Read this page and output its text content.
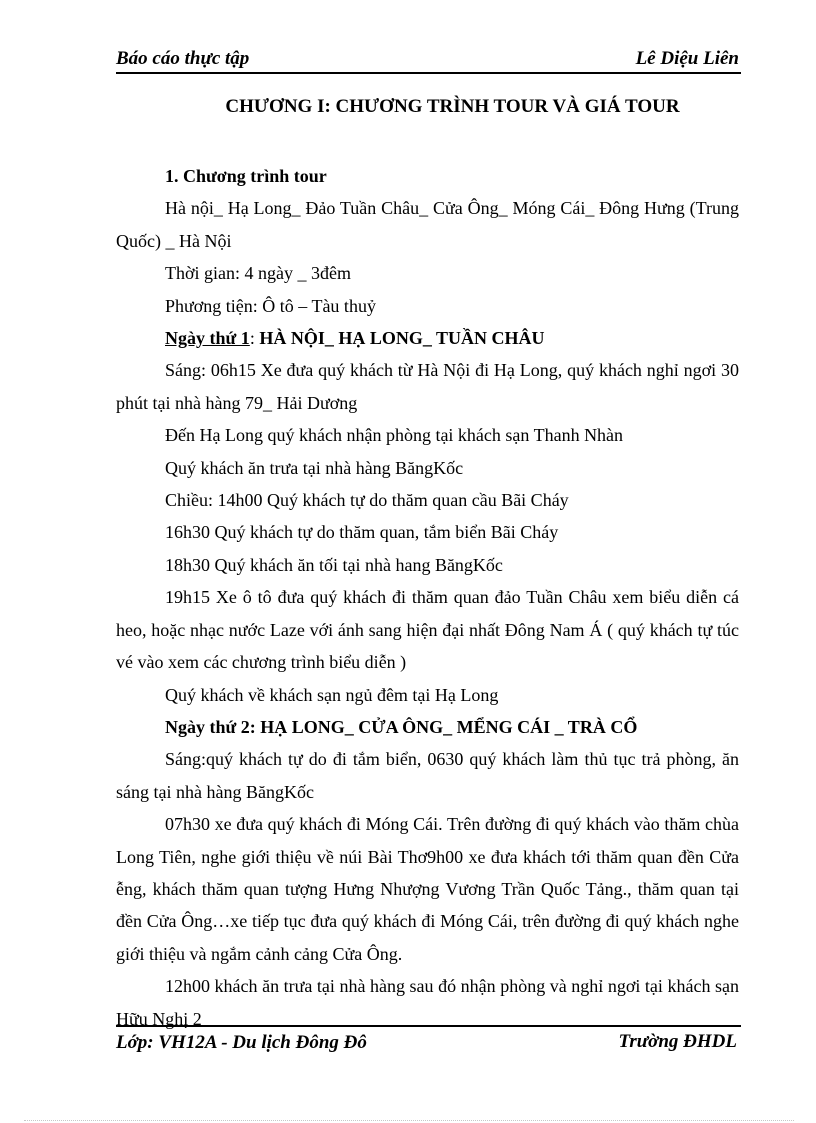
Báo cáo thực tập	Lê Diệu Liên
CHƯƠNG I: CHƯƠNG TRÌNH TOUR VÀ GIÁ TOUR

1. Chương trình tour

Hà nội_ Hạ Long_ Đảo Tuần Châu_ Cửa Ông_ Móng Cái_ Đông Hưng (Trung Quốc) _ Hà Nội

Thời gian: 4 ngày _ 3đêm

Phương tiện: Ô tô – Tàu thuỷ

Ngày thứ 1: HÀ NỘI_ HẠ LONG_ TUẦN CHÂU

Sáng: 06h15 Xe đưa quý khách từ Hà Nội đi Hạ Long, quý khách nghỉ ngơi 30 phút tại nhà hàng 79_ Hải Dương

Đến Hạ Long quý khách nhận phòng tại khách sạn Thanh Nhàn

Quý khách ăn trưa tại nhà hàng BăngKốc

Chiều: 14h00 Quý khách tự do thăm quan cầu Bãi Cháy

16h30 Quý khách tự do thăm quan, tắm biển Bãi Cháy

18h30 Quý khách ăn tối tại nhà hang BăngKốc

19h15 Xe ô tô đưa quý khách đi thăm quan đảo Tuần Châu xem biểu diễn cá heo, hoặc nhạc nước Laze với ánh sang hiện đại nhất Đông Nam Á ( quý khách tự túc vé vào xem các chương trình biểu diễn )

Quý khách về khách sạn ngủ đêm tại Hạ Long

Ngày thứ 2: HẠ LONG_ CỬA ÔNG_ MỂNG CÁI _ TRÀ CỔ

Sáng:quý khách tự do đi tắm biển, 0630 quý khách làm thủ tục trả phòng, ăn sáng tại nhà hàng BăngKốc

07h30 xe đưa quý khách đi Móng Cái. Trên đường đi quý khách vào thăm chùa Long Tiên, nghe giới thiệu về núi Bài Thơ9h00 xe đưa khách tới thăm quan đền Cửa ễng, khách thăm quan tượng Hưng Nhượng Vương Trần Quốc Tảng., thăm quan tại đền Cửa Ông…xe tiếp tục đưa quý khách đi Móng Cái, trên đường đi quý khách nghe giới thiệu và ngắm cảnh cảng Cửa Ông.

12h00 khách ăn trưa tại nhà hàng sau đó nhận phòng và nghỉ ngơi tại khách sạn Hữu Nghị 2

Lớp: VH12A - Du lịch Đông Đô	Trường ĐHDL
